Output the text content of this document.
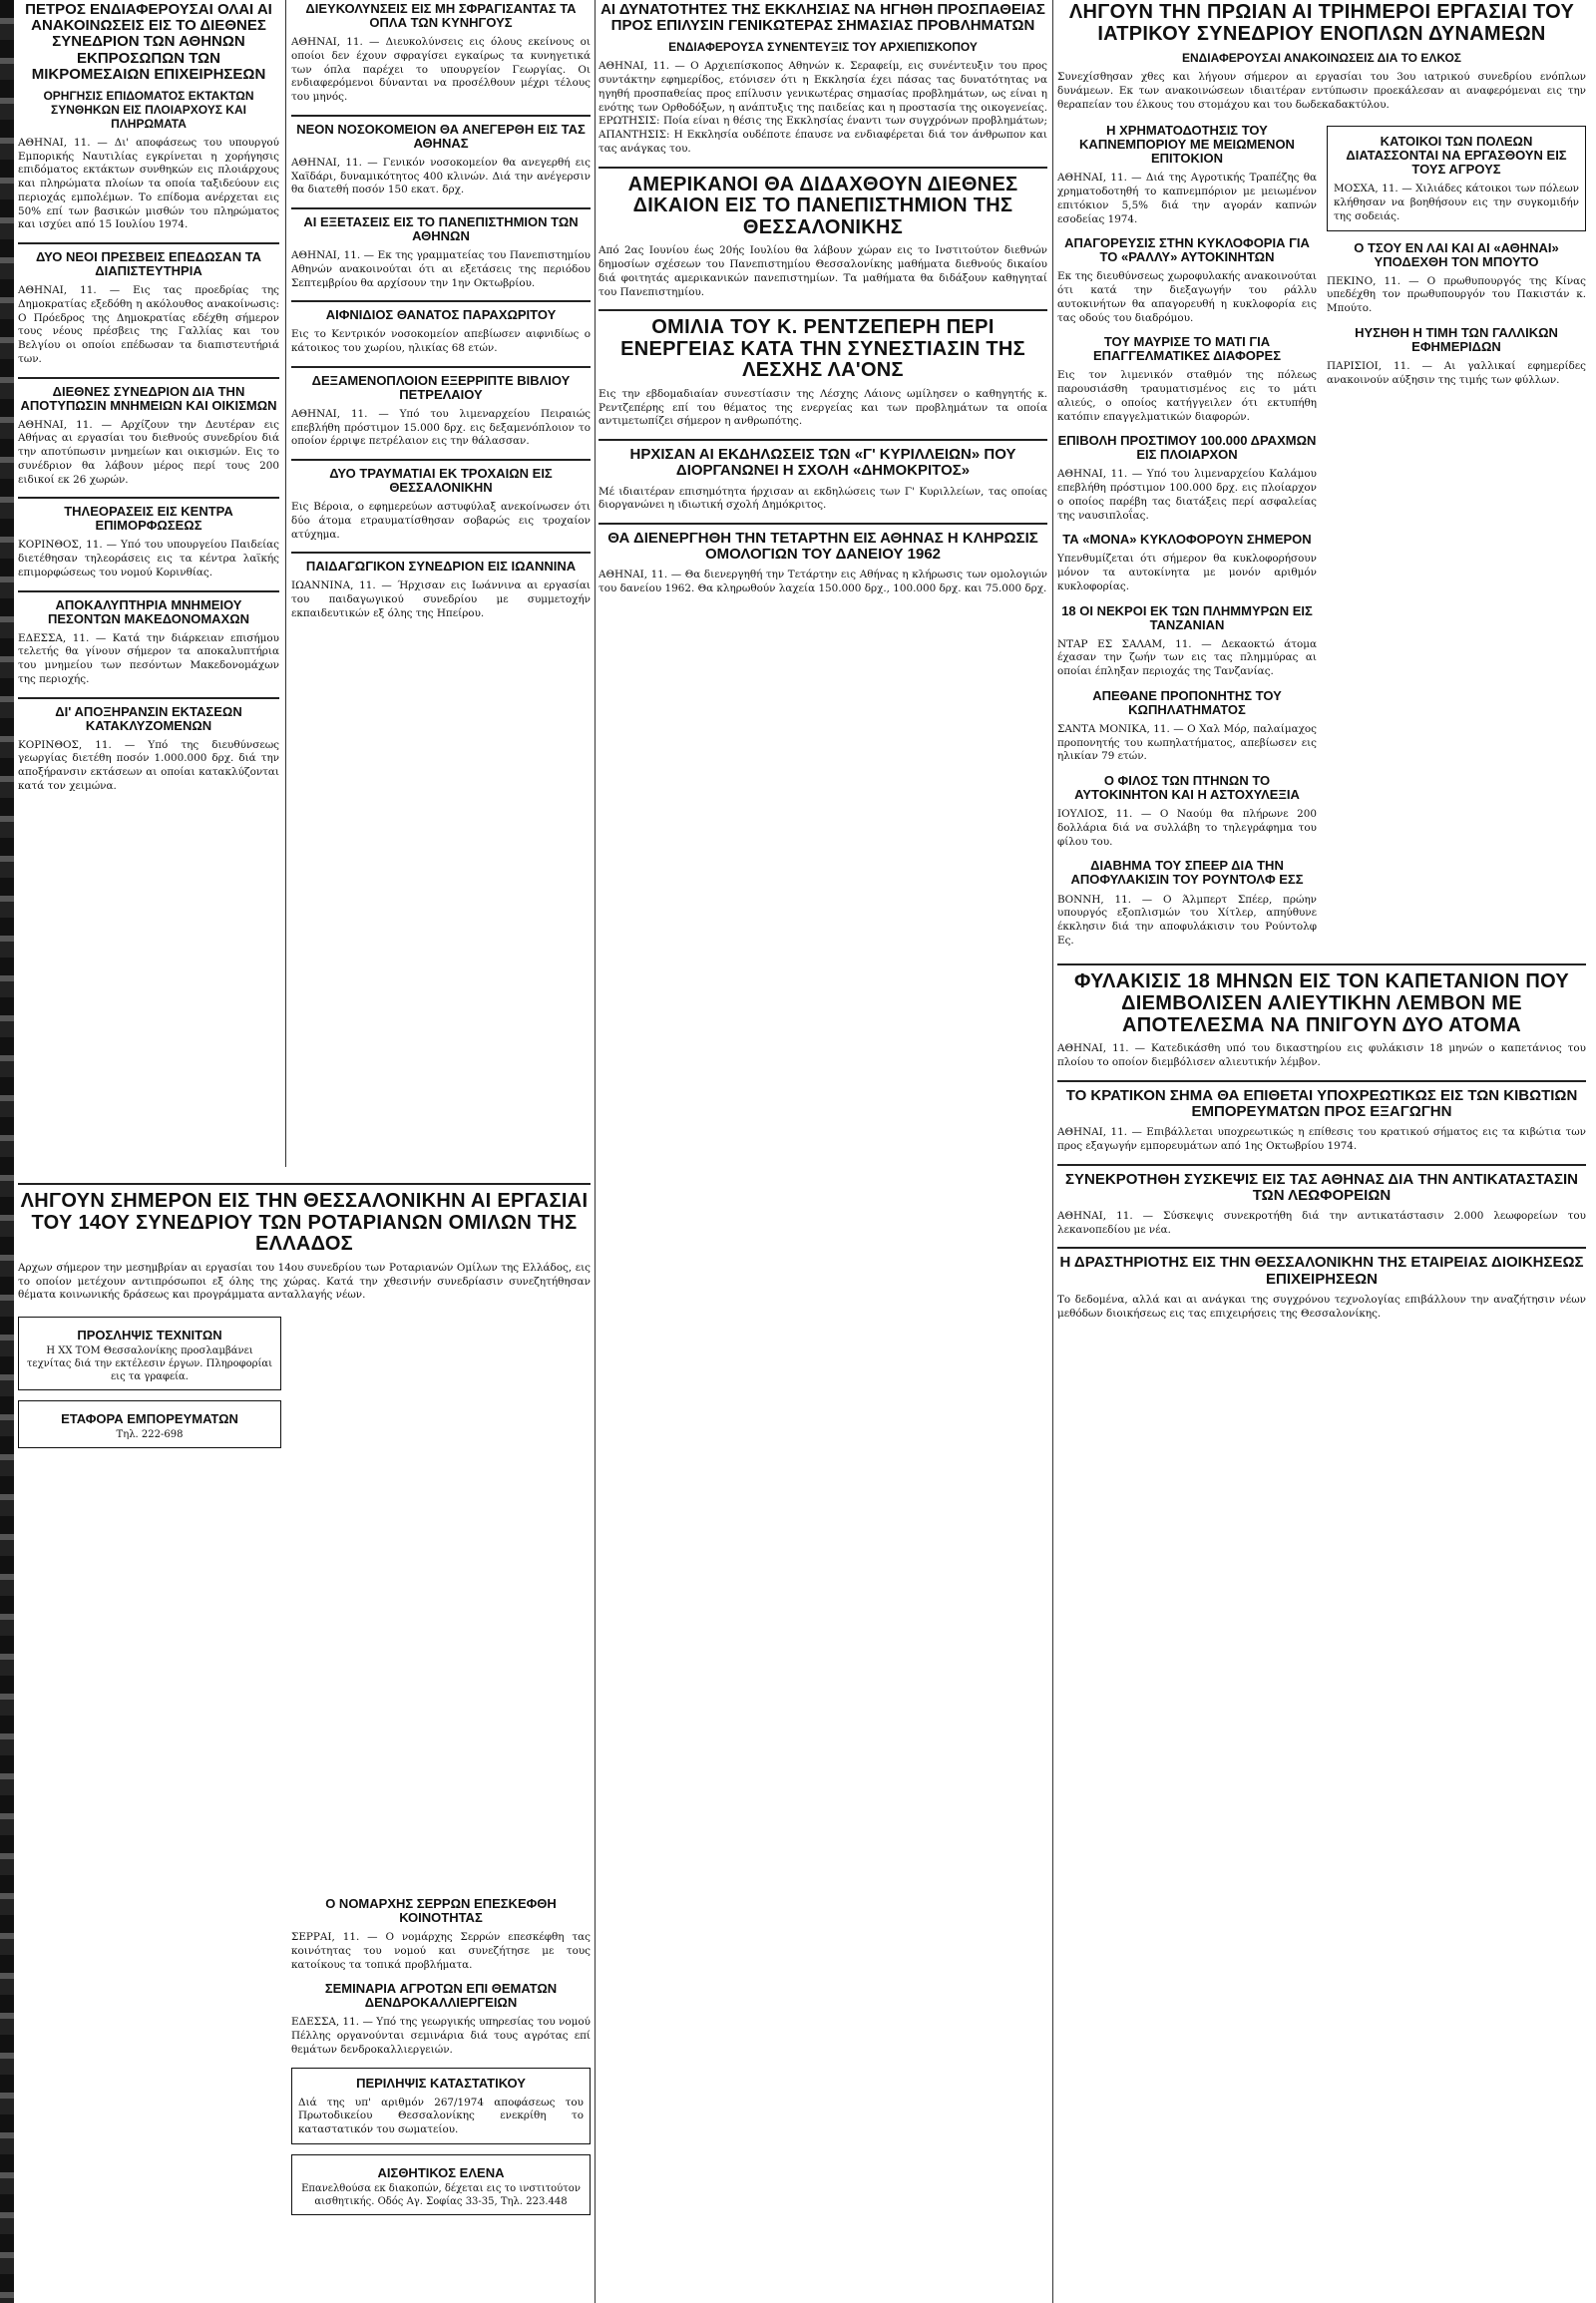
ΠΕΤΡΟΣ ΕΝΔΙΑΦΕΡΟΥΣΑΙ ΟΛΑΙ ΑΙ ΑΝΑΚΟΙΝΩΣΕΙΣ ΕΙΣ ΤΟ ΔΙΕΘΝΕΣ ΣΥΝΕΔΡΙΟΝ ΤΩΝ ΑΘΗΝΩΝ ΕΚΠΡΟΣΩΠΩΝ ΤΩΝ ΜΙΚΡΟΜΕΣΑΙΩΝ ΕΠΙΧΕΙΡΗΣΕΩΝ
ΟΡΗΓΗΣΙΣ ΕΠΙΔΟΜΑΤΟΣ ΕΚΤΑΚΤΩΝ ΣΥΝΘΗΚΩΝ ΕΙΣ ΠΛΟΙΑΡΧΟΥΣ ΚΑΙ ΠΛΗΡΩΜΑΤΑ

ΑΘΗΝΑΙ, 11. — Δι' αποφάσεως του υπουργού Εμπορικής Ναυτιλίας εγκρίνεται η χορήγησις επιδόματος εκτάκτων συνθηκών εις πλοιάρχους και πληρώματα πλοίων τα οποία ταξιδεύουν εις περιοχάς εμπολέμων. Το επίδομα ανέρχεται εις 50% επί των βασικών μισθών του πληρώματος και ισχύει από 15 Ιουλίου 1974.

ΔΥΟ ΝΕΟΙ ΠΡΕΣΒΕΙΣ ΕΠΕΔΩΣΑΝ ΤΑ ΔΙΑΠΙΣΤΕΥΤΗΡΙΑ

ΑΘΗΝΑΙ, 11. — Εις τας προεδρίας της Δημοκρατίας εξεδόθη η ακόλουθος ανακοίνωσις: Ο Πρόεδρος της Δημοκρατίας εδέχθη σήμερον τους νέους πρέσβεις της Γαλλίας και του Βελγίου οι οποίοι επέδωσαν τα διαπιστευτήριά των.

ΔΙΕΘΝΕΣ ΣΥΝΕΔΡΙΟΝ ΔΙΑ ΤΗΝ ΑΠΟΤΥΠΩΣΙΝ ΜΝΗΜΕΙΩΝ ΚΑΙ ΟΙΚΙΣΜΩΝ

ΑΘΗΝΑΙ, 11. — Αρχίζουν την Δευτέραν εις Αθήνας αι εργασίαι του διεθνούς συνεδρίου διά την αποτύπωσιν μνημείων και οικισμών. Εις το συνέδριον θα λάβουν μέρος περί τους 200 ειδικοί εκ 26 χωρών.

ΤΗΛΕΟΡΑΣΕΙΣ ΕΙΣ ΚΕΝΤΡΑ ΕΠΙΜΟΡΦΩΣΕΩΣ

ΚΟΡΙΝΘΟΣ, 11. — Υπό του υπουργείου Παιδείας διετέθησαν τηλεοράσεις εις τα κέντρα λαϊκής επιμορφώσεως του νομού Κορινθίας.

ΑΠΟΚΑΛΥΠΤΗΡΙΑ ΜΝΗΜΕΙΟΥ ΠΕΣΟΝΤΩΝ ΜΑΚΕΔΟΝΟΜΑΧΩΝ

ΕΔΕΣΣΑ, 11. — Κατά την διάρκειαν επισήμου τελετής θα γίνουν σήμερον τα αποκαλυπτήρια του μνημείου των πεσόντων Μακεδονομάχων της περιοχής.

ΔΙ' ΑΠΟΞΗΡΑΝΣΙΝ ΕΚΤΑΣΕΩΝ ΚΑΤΑΚΛΥΖΟΜΕΝΩΝ

ΚΟΡΙΝΘΟΣ, 11. — Υπό της διευθύνσεως γεωργίας διετέθη ποσόν 1.000.000 δρχ. διά την αποξήρανσιν εκτάσεων αι οποίαι κατακλύζονται κατά τον χειμώνα.

ΛΗΓΟΥΝ ΣΗΜΕΡΟΝ ΕΙΣ ΤΗΝ ΘΕΣΣΑΛΟΝΙΚΗΝ ΑΙ ΕΡΓΑΣΙΑΙ ΤΟΥ 14ΟΥ ΣΥΝΕΔΡΙΟΥ ΤΩΝ ΡΟΤΑΡΙΑΝΩΝ ΟΜΙΛΩΝ ΤΗΣ ΕΛΛΑΔΟΣ

Αρχων σήμερον την μεσημβρίαν αι εργασίαι του 14ου συνεδρίου των Ροταριανών Ομίλων της Ελλάδος, εις το οποίον μετέχουν αντιπρόσωποι εξ όλης της χώρας. Κατά την χθεσινήν συνεδρίασιν συνεζητήθησαν θέματα κοινωνικής δράσεως και προγράμματα ανταλλαγής νέων.

ΠΡΟΣΛΗΨΙΣ ΤΕΧΝΙΤΩΝ

Η ΧΧ ΤΟΜ Θεσσαλονίκης προσλαμβάνει τεχνίτας διά την εκτέλεσιν έργων. Πληροφορίαι εις τα γραφεία.

ΕΤΑΦΟΡΑ ΕΜΠΟΡΕΥΜΑΤΩΝ

Τηλ. 222-698

ΔΙΕΥΚΟΛΥΝΣΕΙΣ ΕΙΣ ΜΗ ΣΦΡΑΓΙΣΑΝΤΑΣ ΤΑ ΟΠΛΑ ΤΩΝ ΚΥΝΗΓΟΥΣ

ΑΘΗΝΑΙ, 11. — Διευκολύνσεις εις όλους εκείνους οι οποίοι δεν έχουν σφραγίσει εγκαίρως τα κυνηγετικά των όπλα παρέχει το υπουργείον Γεωργίας. Οι ενδιαφερόμενοι δύνανται να προσέλθουν μέχρι τέλους του μηνός.

ΝΕΟΝ ΝΟΣΟΚΟΜΕΙΟΝ ΘΑ ΑΝΕΓΕΡΘΗ ΕΙΣ ΤΑΣ ΑΘΗΝΑΣ

ΑΘΗΝΑΙ, 11. — Γενικόν νοσοκομείον θα ανεγερθή εις Χαϊδάρι, δυναμικότητος 400 κλινών. Διά την ανέγερσιν θα διατεθή ποσόν 150 εκατ. δρχ.

ΑΙ ΕΞΕΤΑΣΕΙΣ ΕΙΣ ΤΟ ΠΑΝΕΠΙΣΤΗΜΙΟΝ ΤΩΝ ΑΘΗΝΩΝ

ΑΘΗΝΑΙ, 11. — Εκ της γραμματείας του Πανεπιστημίου Αθηνών ανακοινούται ότι αι εξετάσεις της περιόδου Σεπτεμβρίου θα αρχίσουν την 1ην Οκτωβρίου.

ΑΙΦΝΙΔΙΟΣ ΘΑΝΑΤΟΣ ΠΑΡΑΧΩΡΙΤΟΥ

Εις το Κεντρικόν νοσοκομείον απεβίωσεν αιφνιδίως ο κάτοικος του χωρίου, ηλικίας 68 ετών.

ΔΕΞΑΜΕΝΟΠΛΟΙΟΝ ΕΞΕΡΡΙΠΤΕ ΒΙΒΛΙΟΥ ΠΕΤΡΕΛΑΙΟΥ

ΑΘΗΝΑΙ, 11. — Υπό του λιμεναρχείου Πειραιώς επεβλήθη πρόστιμον 15.000 δρχ. εις δεξαμενόπλοιον το οποίον έρριψε πετρέλαιον εις την θάλασσαν.

ΔΥΟ ΤΡΑΥΜΑΤΙΑΙ ΕΚ ΤΡΟΧΑΙΩΝ ΕΙΣ ΘΕΣΣΑΛΟΝΙΚΗΝ

Εις Βέροια, ο εφημερεύων αστυφύλαξ ανεκοίνωσεν ότι δύο άτομα ετραυματίσθησαν σοβαρώς εις τροχαίον ατύχημα.

ΠΑΙΔΑΓΩΓΙΚΟΝ ΣΥΝΕΔΡΙΟΝ ΕΙΣ ΙΩΑΝΝΙΝΑ

ΙΩΑΝΝΙΝΑ, 11. — Ήρχισαν εις Ιωάννινα αι εργασίαι του παιδαγωγικού συνεδρίου με συμμετοχήν εκπαιδευτικών εξ όλης της Ηπείρου.

ΑΙ ΔΥΝΑΤΟΤΗΤΕΣ ΤΗΣ ΕΚΚΛΗΣΙΑΣ ΝΑ ΗΓΗΘΗ ΠΡΟΣΠΑΘΕΙΑΣ ΠΡΟΣ ΕΠΙΛΥΣΙΝ ΓΕΝΙΚΩΤΕΡΑΣ ΣΗΜΑΣΙΑΣ ΠΡΟΒΛΗΜΑΤΩΝ
ΕΝΔΙΑΦΕΡΟΥΣΑ ΣΥΝΕΝΤΕΥΞΙΣ ΤΟΥ ΑΡΧΙΕΠΙΣΚΟΠΟΥ

ΑΘΗΝΑΙ, 11. — Ο Αρχιεπίσκοπος Αθηνών κ. Σεραφείμ, εις συνέντευξιν του προς συντάκτην εφημερίδος, ετόνισεν ότι η Εκκλησία έχει πάσας τας δυνατότητας να ηγηθή προσπαθείας προς επίλυσιν γενικωτέρας σημασίας προβλημάτων, ως είναι η ενότης των Ορθοδόξων, η ανάπτυξις της παιδείας και η προστασία της οικογενείας. ΕΡΩΤΗΣΙΣ: Ποία είναι η θέσις της Εκκλησίας έναντι των συγχρόνων προβλημάτων; ΑΠΑΝΤΗΣΙΣ: Η Εκκλησία ουδέποτε έπαυσε να ενδιαφέρεται διά τον άνθρωπον και τας ανάγκας του.

ΑΜΕΡΙΚΑΝΟΙ ΘΑ ΔΙΔΑΧΘΟΥΝ ΔΙΕΘΝΕΣ ΔΙΚΑΙΟΝ ΕΙΣ ΤΟ ΠΑΝΕΠΙΣΤΗΜΙΟΝ ΤΗΣ ΘΕΣΣΑΛΟΝΙΚΗΣ

Από 2ας Ιουνίου έως 20ής Ιουλίου θα λάβουν χώραν εις το Ινστιτούτον διεθνών δημοσίων σχέσεων του Πανεπιστημίου Θεσσαλονίκης μαθήματα διεθνούς δικαίου διά φοιτητάς αμερικανικών πανεπιστημίων. Τα μαθήματα θα διδάξουν καθηγηταί του Πανεπιστημίου.

ΟΜΙΛΙΑ ΤΟΥ Κ. ΡΕΝΤΖΕΠΕΡΗ ΠΕΡΙ ΕΝΕΡΓΕΙΑΣ ΚΑΤΑ ΤΗΝ ΣΥΝΕΣΤΙΑΣΙΝ ΤΗΣ ΛΕΣΧΗΣ ΛΑ'ΟΝΣ

Εις την εβδομαδιαίαν συνεστίασιν της Λέσχης Λάιονς ωμίλησεν ο καθηγητής κ. Ρεντζεπέρης επί του θέματος της ενεργείας και των προβλημάτων τα οποία αντιμετωπίζει σήμερον η ανθρωπότης.

ΗΡΧΙΣΑΝ ΑΙ ΕΚΔΗΛΩΣΕΙΣ ΤΩΝ «Γ' ΚΥΡΙΛΛΕΙΩΝ» ΠΟΥ ΔΙΟΡΓΑΝΩΝΕΙ Η ΣΧΟΛΗ «ΔΗΜΟΚΡΙΤΟΣ»

Μέ ιδιαιτέραν επισημότητα ήρχισαν αι εκδηλώσεις των Γ' Κυριλλείων, τας οποίας διοργανώνει η ιδιωτική σχολή Δημόκριτος.

ΘΑ ΔΙΕΝΕΡΓΗΘΗ ΤΗΝ ΤΕΤΑΡΤΗΝ ΕΙΣ ΑΘΗΝΑΣ Η ΚΛΗΡΩΣΙΣ ΟΜΟΛΟΓΙΩΝ ΤΟΥ ΔΑΝΕΙΟΥ 1962

ΑΘΗΝΑΙ, 11. — Θα διενεργηθή την Τετάρτην εις Αθήνας η κλήρωσις των ομολογιών του δανείου 1962. Θα κληρωθούν λαχεία 150.000 δρχ., 100.000 δρχ. και 75.000 δρχ.

ΛΗΓΟΥΝ ΤΗΝ ΠΡΩΙΑΝ ΑΙ ΤΡΙΗΜΕΡΟΙ ΕΡΓΑΣΙΑΙ ΤΟΥ ΙΑΤΡΙΚΟΥ ΣΥΝΕΔΡΙΟΥ ΕΝΟΠΛΩΝ ΔΥΝΑΜΕΩΝ
ΕΝΔΙΑΦΕΡΟΥΣΑΙ ΑΝΑΚΟΙΝΩΣΕΙΣ ΔΙΑ ΤΟ ΕΛΚΟΣ

Συνεχίσθησαν χθες και λήγουν σήμερον αι εργασίαι του 3ου ιατρικού συνεδρίου ενόπλων δυνάμεων. Εκ των ανακοινώσεων ιδιαιτέραν εντύπωσιν προεκάλεσαν αι αναφερόμεναι εις την θεραπείαν του έλκους του στομάχου και του δωδεκαδακτύλου.

Η ΧΡΗΜΑΤΟΔΟΤΗΣΙΣ ΤΟΥ ΚΑΠΝΕΜΠΟΡΙΟΥ ΜΕ ΜΕΙΩΜΕΝΟΝ ΕΠΙΤΟΚΙΟΝ

ΑΘΗΝΑΙ, 11. — Διά της Αγροτικής Τραπέζης θα χρηματοδοτηθή το καπνεμπόριον με μειωμένον επιτόκιον 5,5% διά την αγοράν καπνών εσοδείας 1974.

ΑΠΑΓΟΡΕΥΣΙΣ ΣΤΗΝ ΚΥΚΛΟΦΟΡΙΑ ΓΙΑ ΤΟ «ΡΑΛΛΥ» ΑΥΤΟΚΙΝΗΤΩΝ

Εκ της διευθύνσεως χωροφυλακής ανακοινούται ότι κατά την διεξαγωγήν του ράλλυ αυτοκινήτων θα απαγορευθή η κυκλοφορία εις τας οδούς του διαδρόμου.

ΤΟΥ ΜΑΥΡΙΣΕ ΤΟ ΜΑΤΙ ΓΙΑ ΕΠΑΓΓΕΛΜΑΤΙΚΕΣ ΔΙΑΦΟΡΕΣ

Εις τον λιμενικόν σταθμόν της πόλεως παρουσιάσθη τραυματισμένος εις το μάτι αλιεύς, ο οποίος κατήγγειλεν ότι εκτυπήθη κατόπιν επαγγελματικών διαφορών.

ΕΠΙΒΟΛΗ ΠΡΟΣΤΙΜΟΥ 100.000 ΔΡΑΧΜΩΝ ΕΙΣ ΠΛΟΙΑΡΧΟΝ

ΑΘΗΝΑΙ, 11. — Υπό του λιμεναρχείου Καλάμου επεβλήθη πρόστιμον 100.000 δρχ. εις πλοίαρχον ο οποίος παρέβη τας διατάξεις περί ασφαλείας της ναυσιπλοΐας.

ΤΑ «ΜΟΝΑ» ΚΥΚΛΟΦΟΡΟΥΝ ΣΗΜΕΡΟΝ

Υπενθυμίζεται ότι σήμερον θα κυκλοφορήσουν μόνον τα αυτοκίνητα με μονόν αριθμόν κυκλοφορίας.

18 ΟΙ ΝΕΚΡΟΙ ΕΚ ΤΩΝ ΠΛΗΜΜΥΡΩΝ ΕΙΣ ΤΑΝΖΑΝΙΑΝ

ΝΤΑΡ ΕΣ ΣΑΛΑΜ, 11. — Δεκαοκτώ άτομα έχασαν την ζωήν των εις τας πλημμύρας αι οποίαι έπληξαν περιοχάς της Τανζανίας.

ΑΠΕΘΑΝΕ ΠΡΟΠΟΝΗΤΗΣ ΤΟΥ ΚΩΠΗΛΑΤΗΜΑΤΟΣ

ΣΑΝΤΑ ΜΟΝΙΚΑ, 11. — Ο Χαλ Μόρ, παλαίμαχος προπονητής του κωπηλατήματος, απεβίωσεν εις ηλικίαν 79 ετών.

Ο ΦΙΛΟΣ ΤΩΝ ΠΤΗΝΩΝ ΤΟ ΑΥΤΟΚΙΝΗΤΟΝ ΚΑΙ Η ΑΣΤΟΧΥΛΕΞΙΑ

ΙΟΥΛΙΟΣ, 11. — Ο Ναούμ θα πλήρωνε 200 δολλάρια διά να συλλάβη το τηλεγράφημα του φίλου του.

ΔΙΑΒΗΜΑ ΤΟΥ ΣΠΕΕΡ ΔΙΑ ΤΗΝ ΑΠΟΦΥΛΑΚΙΣΙΝ ΤΟΥ ΡΟΥΝΤΟΛΦ ΕΣΣ

ΒΟΝΝΗ, 11. — Ο Άλμπερτ Σπέερ, πρώην υπουργός εξοπλισμών του Χίτλερ, απηύθυνε έκκλησιν διά την αποφυλάκισιν του Ρούντολφ Ες.

ΚΑΤΟΙΚΟΙ ΤΩΝ ΠΟΛΕΩΝ ΔΙΑΤΑΣΣΟΝΤΑΙ ΝΑ ΕΡΓΑΣΘΟΥΝ ΕΙΣ ΤΟΥΣ ΑΓΡΟΥΣ

ΜΟΣΧΑ, 11. — Χιλιάδες κάτοικοι των πόλεων κλήθησαν να βοηθήσουν εις την συγκομιδήν της σοδειάς.

Ο ΤΣΟΥ ΕΝ ΛΑΙ ΚΑΙ ΑΙ «ΑΘΗΝΑΙ» ΥΠΟΔΕΧΘΗ ΤΟΝ ΜΠΟΥΤΟ

ΠΕΚΙΝΟ, 11. — Ο πρωθυπουργός της Κίνας υπεδέχθη τον πρωθυπουργόν του Πακιστάν κ. Μπούτο.

ΗΥΣΗΘΗ Η ΤΙΜΗ ΤΩΝ ΓΑΛΛΙΚΩΝ ΕΦΗΜΕΡΙΔΩΝ

ΠΑΡΙΣΙΟΙ, 11. — Αι γαλλικαί εφημερίδες ανακοινούν αύξησιν της τιμής των φύλλων.

ΦΥΛΑΚΙΣΙΣ 18 ΜΗΝΩΝ ΕΙΣ ΤΟΝ ΚΑΠΕΤΑΝΙΟΝ ΠΟΥ ΔΙΕΜΒΟΛΙΣΕΝ ΑΛΙΕΥΤΙΚΗΝ ΛΕΜΒΟΝ ΜΕ ΑΠΟΤΕΛΕΣΜΑ ΝΑ ΠΝΙΓΟΥΝ ΔΥΟ ΑΤΟΜΑ

ΑΘΗΝΑΙ, 11. — Κατεδικάσθη υπό του δικαστηρίου εις φυλάκισιν 18 μηνών ο καπετάνιος του πλοίου το οποίον διεμβόλισεν αλιευτικήν λέμβον.

ΤΟ ΚΡΑΤΙΚΟΝ ΣΗΜΑ ΘΑ ΕΠΙΘΕΤΑΙ ΥΠΟΧΡΕΩΤΙΚΩΣ ΕΙΣ ΤΩΝ ΚΙΒΩΤΙΩΝ ΕΜΠΟΡΕΥΜΑΤΩΝ ΠΡΟΣ ΕΞΑΓΩΓΗΝ

ΑΘΗΝΑΙ, 11. — Επιβάλλεται υποχρεωτικώς η επίθεσις του κρατικού σήματος εις τα κιβώτια των προς εξαγωγήν εμπορευμάτων από 1ης Οκτωβρίου 1974.

ΣΥΝΕΚΡΟΤΗΘΗ ΣΥΣΚΕΨΙΣ ΕΙΣ ΤΑΣ ΑΘΗΝΑΣ ΔΙΑ ΤΗΝ ΑΝΤΙΚΑΤΑΣΤΑΣΙΝ ΤΩΝ ΛΕΩΦΟΡΕΙΩΝ

ΑΘΗΝΑΙ, 11. — Σύσκεψις συνεκροτήθη διά την αντικατάστασιν 2.000 λεωφορείων του λεκανοπεδίου με νέα.

Η ΔΡΑΣΤΗΡΙΟΤΗΣ ΕΙΣ ΤΗΝ ΘΕΣΣΑΛΟΝΙΚΗΝ ΤΗΣ ΕΤΑΙΡΕΙΑΣ ΔΙΟΙΚΗΣΕΩΣ ΕΠΙΧΕΙΡΗΣΕΩΝ

Το δεδομένα, αλλά και αι ανάγκαι της συγχρόνου τεχνολογίας επιβάλλουν την αναζήτησιν νέων μεθόδων διοικήσεως εις τας επιχειρήσεις της Θεσσαλονίκης.

Ο ΝΟΜΑΡΧΗΣ ΣΕΡΡΩΝ ΕΠΕΣΚΕΦΘΗ ΚΟΙΝΟΤΗΤΑΣ

ΣΕΡΡΑΙ, 11. — Ο νομάρχης Σερρών επεσκέφθη τας κοινότητας του νομού και συνεζήτησε με τους κατοίκους τα τοπικά προβλήματα.

ΣΕΜΙΝΑΡΙΑ ΑΓΡΟΤΩΝ ΕΠΙ ΘΕΜΑΤΩΝ ΔΕΝΔΡΟΚΑΛΛΙΕΡΓΕΙΩΝ

ΕΔΕΣΣΑ, 11. — Υπό της γεωργικής υπηρεσίας του νομού Πέλλης οργανούνται σεμινάρια διά τους αγρότας επί θεμάτων δενδροκαλλιεργειών.

ΠΕΡΙΛΗΨΙΣ ΚΑΤΑΣΤΑΤΙΚΟΥ

Διά της υπ' αριθμόν 267/1974 αποφάσεως του Πρωτοδικείου Θεσσαλονίκης ενεκρίθη το καταστατικόν του σωματείου.

ΑΙΣΘΗΤΙΚΟΣ ΕΛΕΝΑ

Επανελθούσα εκ διακοπών, δέχεται εις το ινστιτούτον αισθητικής. Οδός Αγ. Σοφίας 33-35, Τηλ. 223.448
